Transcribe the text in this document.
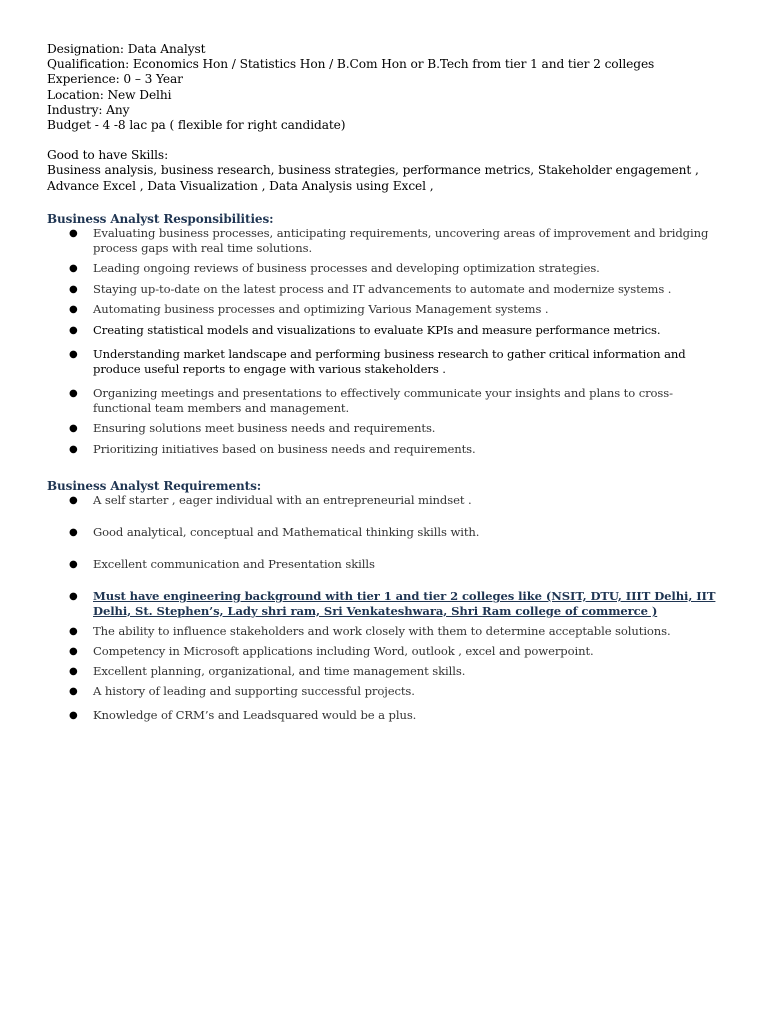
Designation: Data Analyst
Qualification: Economics Hon / Statistics Hon / B.Com Hon or B.Tech from tier 1 and tier 2 colleges
Experience: 0 – 3 Year
Location: New Delhi
Industry: Any
Budget - 4 -8 lac pa ( flexible for right candidate)
Good to have Skills:
Business analysis, business research, business strategies, performance metrics, Stakeholder engagement , Advance Excel , Data Visualization , Data Analysis using Excel ,
Business Analyst Responsibilities:
● Evaluating business processes, anticipating requirements, uncovering areas of improvement and bridging process gaps with real time solutions.
● Leading ongoing reviews of business processes and developing optimization strategies.
● Staying up-to-date on the latest process and IT advancements to automate and modernize systems .
● Automating business processes and optimizing Various Management systems .
● Creating statistical models and visualizations to evaluate KPIs and measure performance metrics.
● Understanding market landscape and performing business research to gather critical information and produce useful reports to engage with various stakeholders .
● Organizing meetings and presentations to effectively communicate your insights and plans to cross-functional team members and management.
● Ensuring solutions meet business needs and requirements.
● Prioritizing initiatives based on business needs and requirements.
Business Analyst Requirements:
● A self starter , eager individual with an entrepreneurial mindset .
● Good analytical, conceptual and Mathematical thinking skills with.
● Excellent communication and Presentation skills
● Must have engineering background with tier 1 and tier 2 colleges like (NSIT, DTU, IIIT Delhi, IIT Delhi, St. Stephen’s, Lady shri ram, Sri Venkateshwara, Shri Ram college of commerce )
● The ability to influence stakeholders and work closely with them to determine acceptable solutions.
● Competency in Microsoft applications including Word, outlook , excel and powerpoint.
● Excellent planning, organizational, and time management skills.
● A history of leading and supporting successful projects.
● Knowledge of CRM’s and Leadsquared would be a plus.
